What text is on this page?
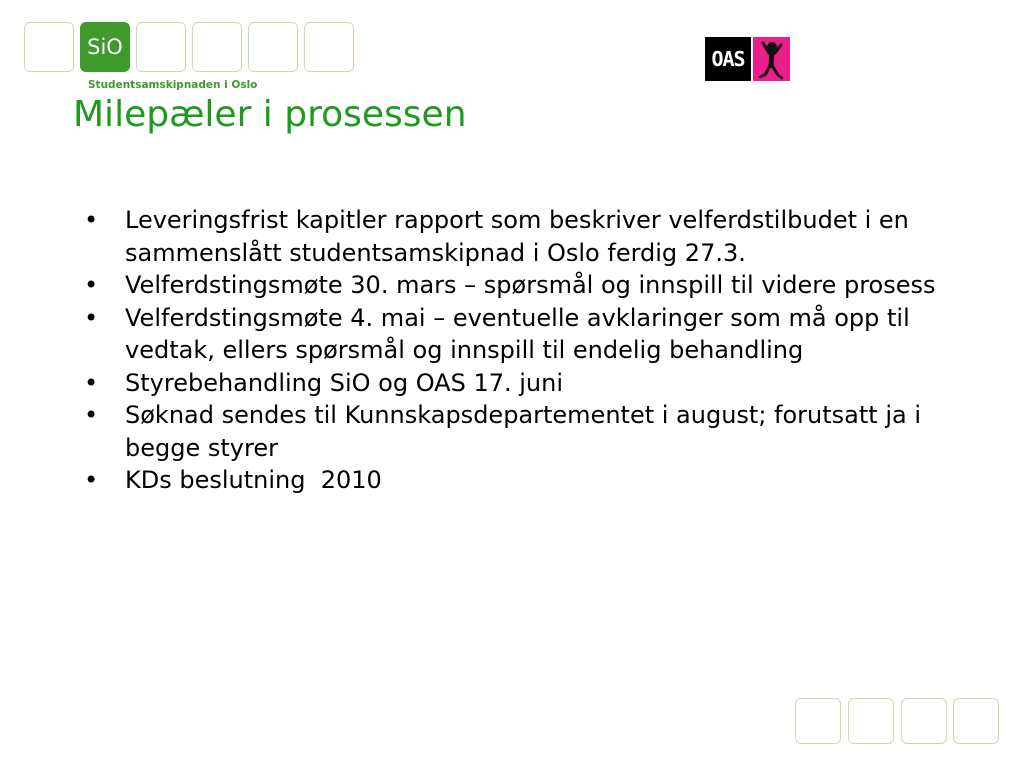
SiO
Studentsamskipnaden i Oslo
OAS
Milepæler i prosessen
• Leveringsfrist kapitler rapport som beskriver velferdstilbudet i en sammenslått studentsamskipnad i Oslo ferdig 27.3.
• Velferdstingsmøte 30. mars – spørsmål og innspill til videre prosess
• Velferdstingsmøte 4. mai – eventuelle avklaringer som må opp til vedtak, ellers spørsmål og innspill til endelig behandling
• Styrebehandling SiO og OAS 17. juni
• Søknad sendes til Kunnskapsdepartementet i august; forutsatt ja i begge styrer
• KDs beslutning  2010
